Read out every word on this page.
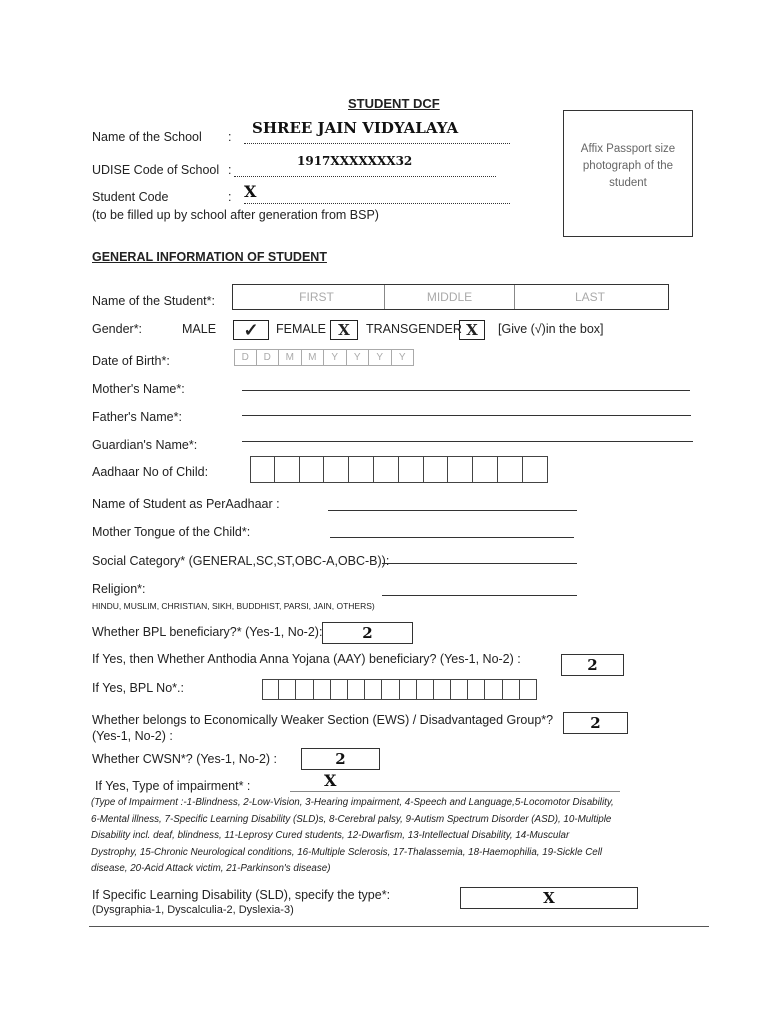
STUDENT DCF
Name of the School : SHREE JAIN VIDYALAYA
UDISE Code of School :
1917XXXXXXX32
Student Code	: X
(to be filled up by school after generation from BSP)
Affix Passport size photograph of the student
GENERAL INFORMATION OF STUDENT
Name of the Student*:	FIRST	MIDDLE	LAST
Gender*:	MALE	✓	FEMALE X	TRANSGENDER X	[Give (√)in the box]
Date of Birth*:	D	D	M	M	Y	Y	Y	Y
Mother's Name*:
Father's Name*:
Guardian's Name*:
Aadhaar No of Child:
Name of Student as PerAadhaar :
Mother Tongue of the Child*:
Social Category* (GENERAL,SC,ST,OBC-A,OBC-B)):
Religion*:
HINDU, MUSLIM, CHRISTIAN, SIKH, BUDDHIST, PARSI, JAIN, OTHERS)
Whether BPL beneficiary?* (Yes-1, No-2):	2
If Yes, then Whether Anthodia Anna Yojana (AAY) beneficiary? (Yes-1, No-2) :	2
If Yes, BPL No*.:
Whether belongs to Economically Weaker Section (EWS) / Disadvantaged Group*?
(Yes-1, No-2) :
2
Whether CWSN*? (Yes-1, No-2) :	2
If Yes, Type of impairment* :	X
(Type of Impairment :-1-Blindness, 2-Low-Vision, 3-Hearing impairment, 4-Speech and Language,5-Locomotor Disability,
6-Mental illness, 7-Specific Learning Disability (SLD)s, 8-Cerebral palsy, 9-Autism Spectrum Disorder (ASD), 10-Multiple
Disability incl. deaf, blindness, 11-Leprosy Cured students, 12-Dwarfism, 13-Intellectual Disability, 14-Muscular
Dystrophy, 15-Chronic Neurological conditions, 16-Multiple Sclerosis, 17-Thalassemia, 18-Haemophilia, 19-Sickle Cell
disease, 20-Acid Attack victim, 21-Parkinson's disease)
If Specific Learning Disability (SLD), specify the type*:
(Dysgraphia-1, Dyscalculia-2, Dyslexia-3)
X
